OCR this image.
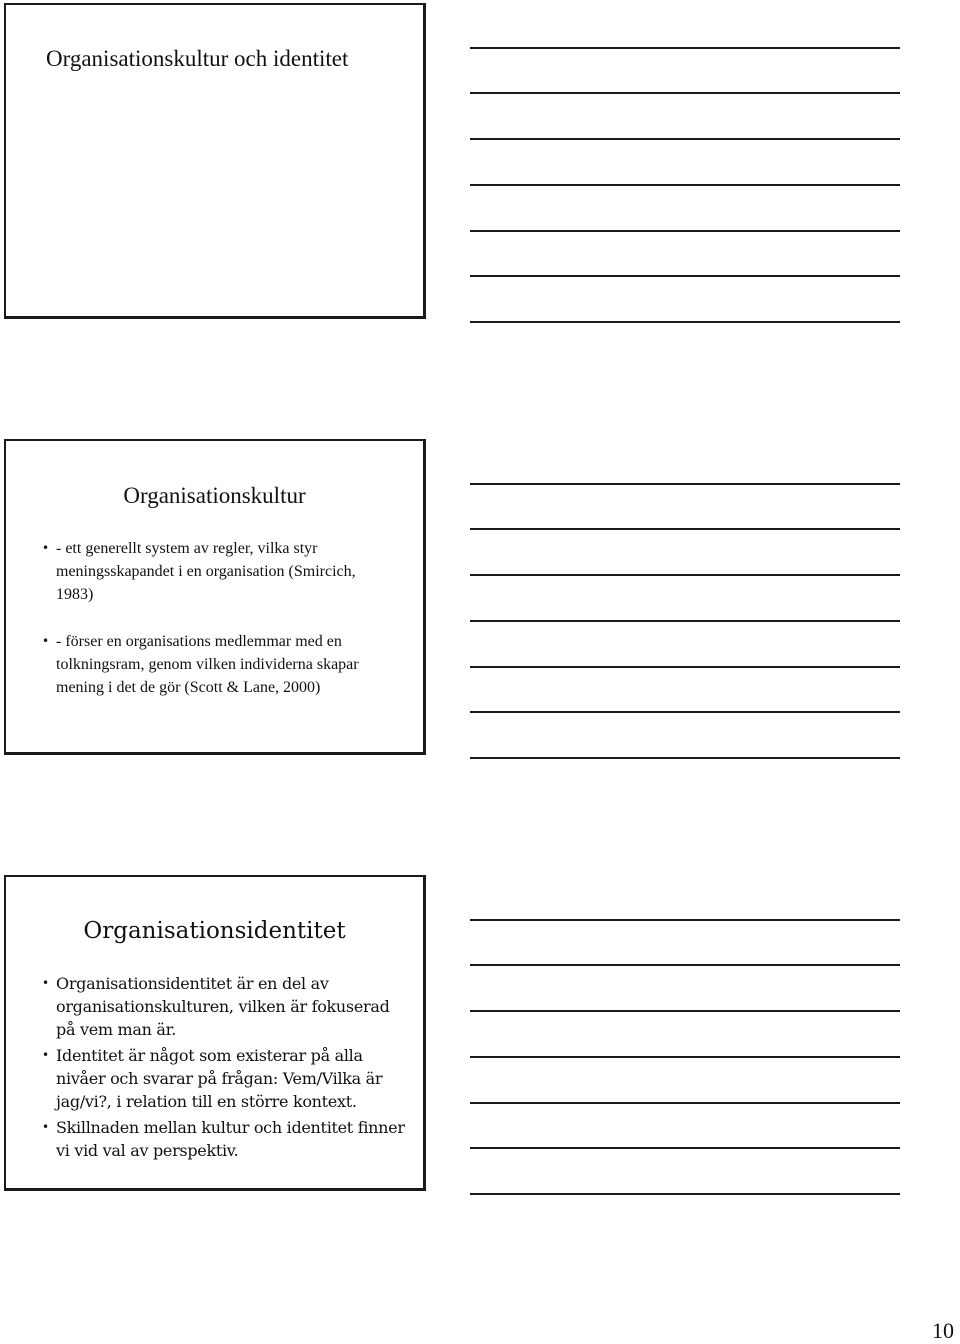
Organisationskultur och identitet
Organisationskultur
• - ett generellt system av regler, vilka styr meningsskapandet i en organisation (Smircich, 1983)
• - förser en organisations medlemmar med en tolkningsram, genom vilken individerna skapar mening i det de gör (Scott & Lane, 2000)
Organisationsidentitet
• Organisationsidentitet är en del av organisationskulturen, vilken är fokuserad på vem man är.
• Identitet är något som existerar på alla nivåer och svarar på frågan: Vem/Vilka är jag/vi?, i relation till en större kontext.
• Skillnaden mellan kultur och identitet finner vi vid val av perspektiv.
10
